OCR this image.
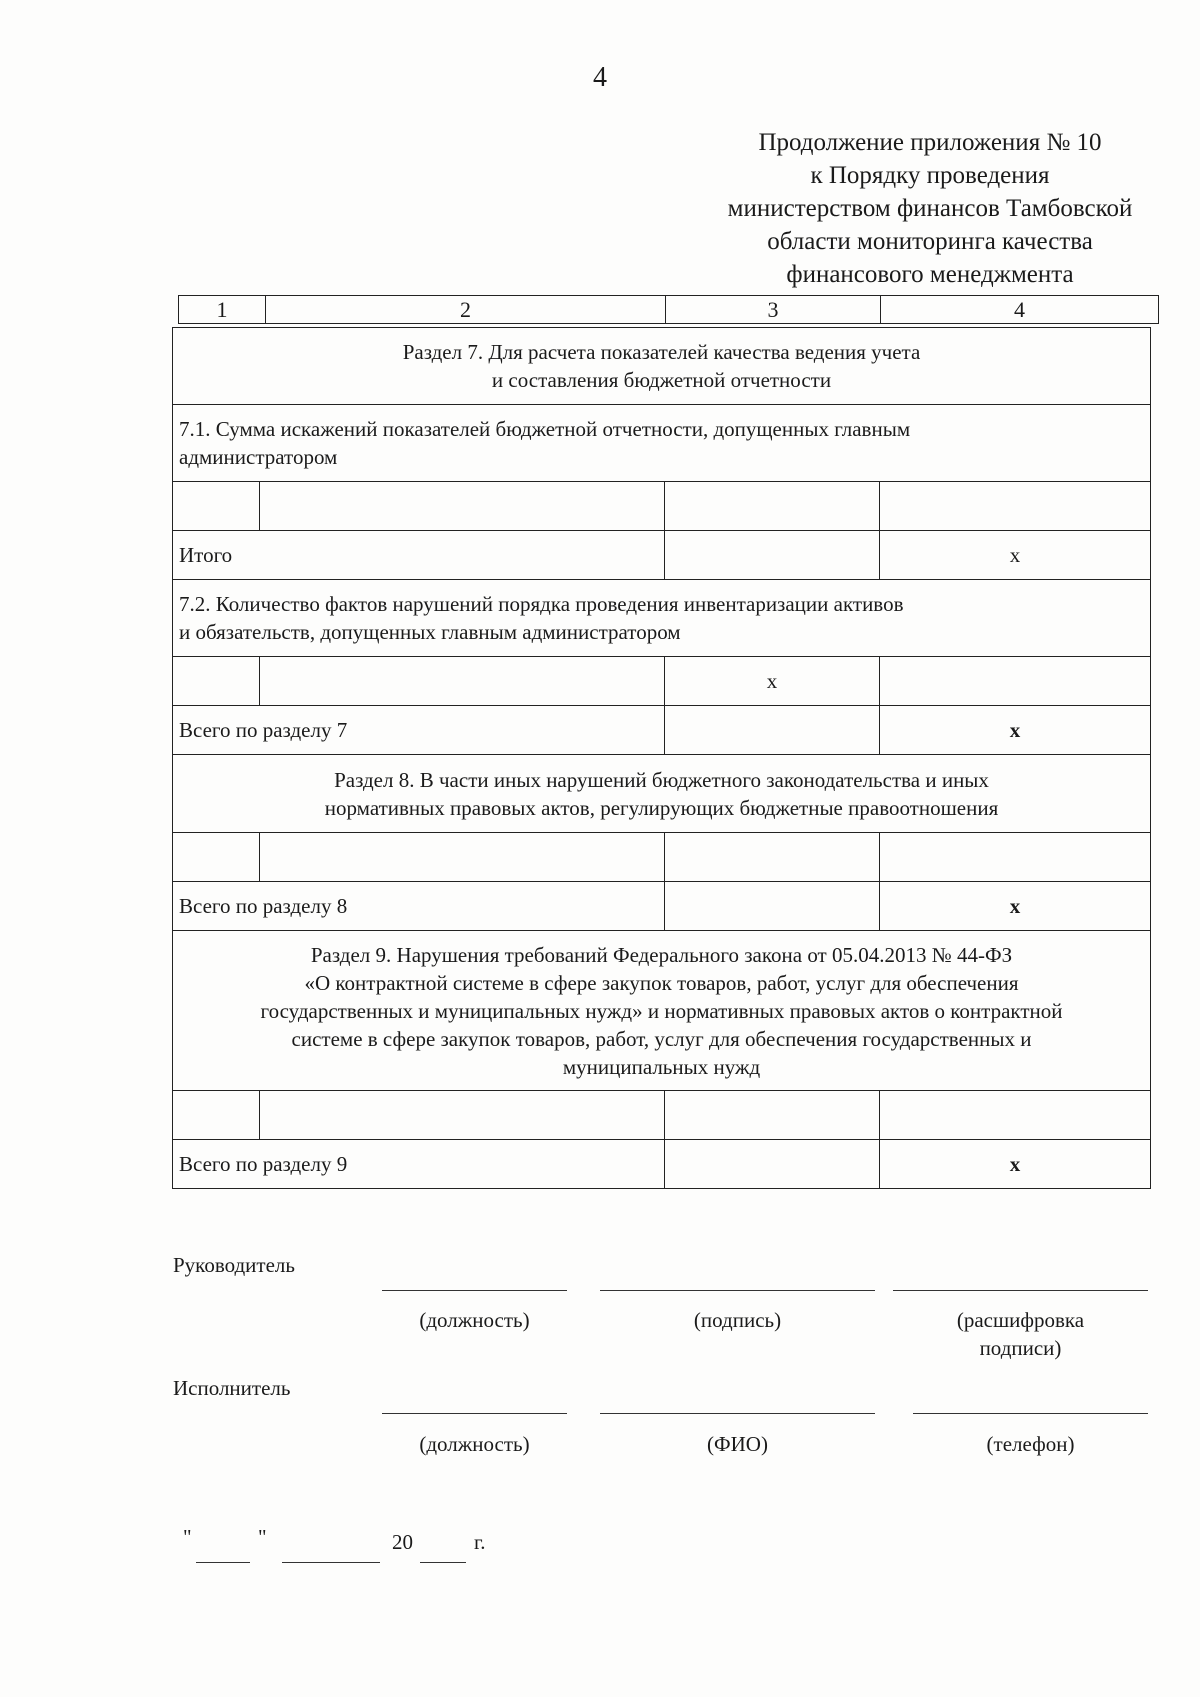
4
Продолжение приложения № 10
к Порядку проведения
министерством финансов Тамбовской
области мониторинга качества
финансового менеджмента
1	2	3	4
Раздел 7. Для расчета показателей качества ведения учета
и составления бюджетной отчетности			

7.1. Сумма искажений показателей бюджетной отчетности, допущенных главным
администратором			

Итого			x

7.2. Количество фактов нарушений порядка проведения инвентаризации активов
и обязательств, допущенных главным администратором			

		x	
Всего по разделу 7			x

Раздел 8. В части иных нарушений бюджетного законодательства и иных
нормативных правовых актов, регулирующих бюджетные правоотношения			

Всего по разделу 8			x

Раздел 9. Нарушения требований Федерального закона от 05.04.2013 № 44-ФЗ
«О контрактной системе в сфере закупок товаров, работ, услуг для обеспечения
государственных и муниципальных нужд» и нормативных правовых актов о контрактной
системе в сфере закупок товаров, работ, услуг для обеспечения государственных и
муниципальных нужд			

Всего по разделу 9			x
Руководитель
(должность)	(подпись)	(расшифровка
подписи)
Исполнитель
(должность)	(ФИО)	(телефон)
"	"	20	г.
